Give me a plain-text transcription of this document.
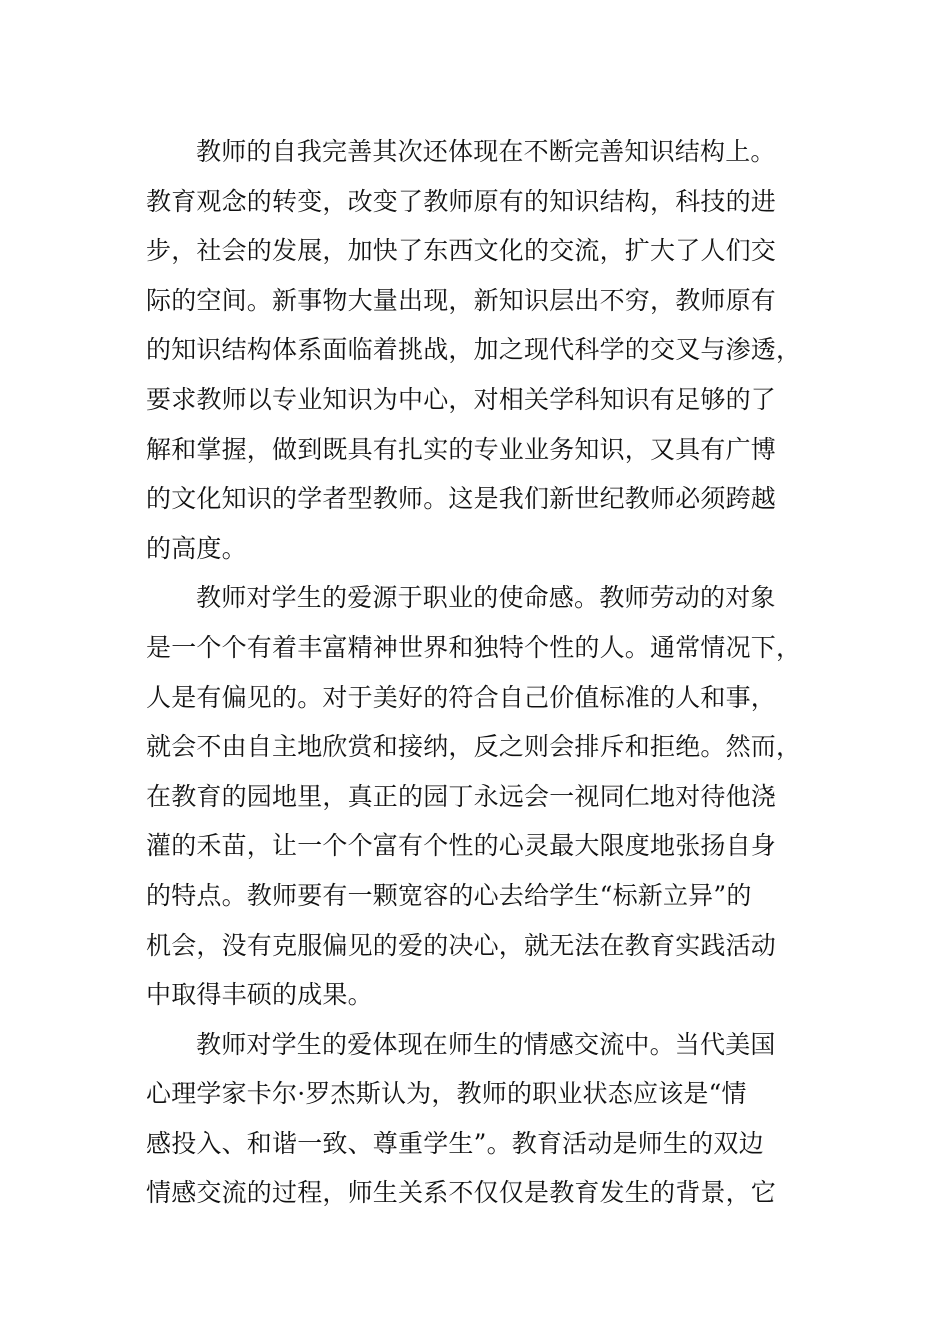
教师的自我完善其次还体现在不断完善知识结构上。
教育观念的转变，改变了教师原有的知识结构，科技的进
步，社会的发展，加快了东西文化的交流，扩大了人们交
际的空间。新事物大量出现，新知识层出不穷，教师原有
的知识结构体系面临着挑战，加之现代科学的交叉与渗透，
要求教师以专业知识为中心，对相关学科知识有足够的了
解和掌握，做到既具有扎实的专业业务知识，又具有广博
的文化知识的学者型教师。这是我们新世纪教师必须跨越
的高度。
教师对学生的爱源于职业的使命感。教师劳动的对象
是一个个有着丰富精神世界和独特个性的人。通常情况下，
人是有偏见的。对于美好的符合自己价值标准的人和事，
就会不由自主地欣赏和接纳，反之则会排斥和拒绝。然而，
在教育的园地里，真正的园丁永远会一视同仁地对待他浇
灌的禾苗，让一个个富有个性的心灵最大限度地张扬自身
的特点。教师要有一颗宽容的心去给学生“标新立异”的
机会，没有克服偏见的爱的决心，就无法在教育实践活动
中取得丰硕的成果。
教师对学生的爱体现在师生的情感交流中。当代美国
心理学家卡尔·罗杰斯认为，教师的职业状态应该是“情
感投入、和谐一致、尊重学生”。教育活动是师生的双边
情感交流的过程，师生关系不仅仅是教育发生的背景，它
